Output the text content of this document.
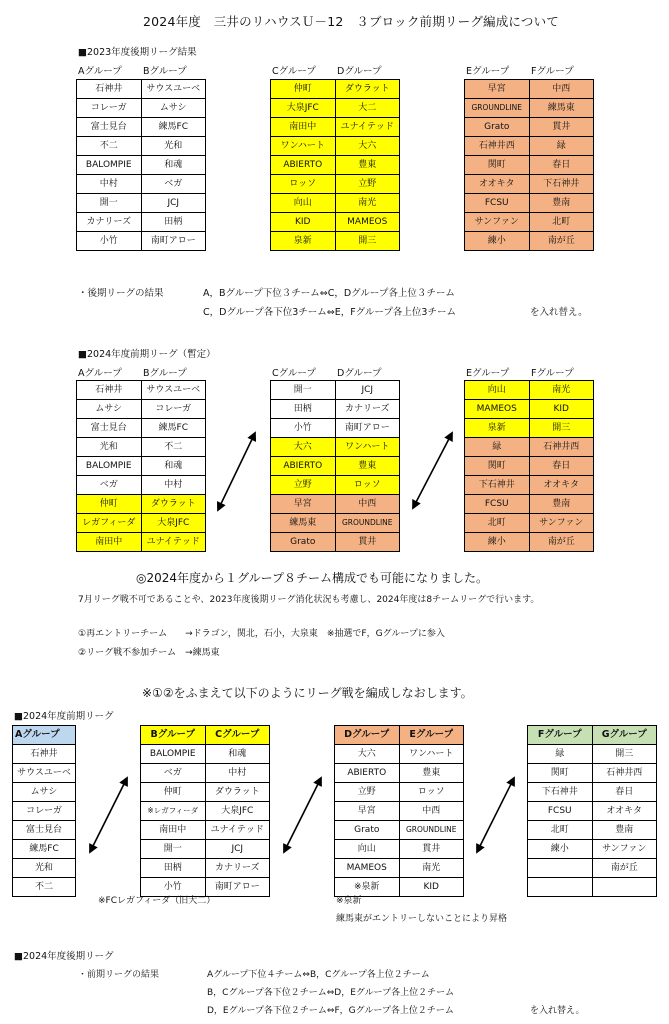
2024年度　三井のリハウスＵ－12　３ブロック前期リーグ編成について
■2023年度後期リーグ結果
Aグループ Bグループ	Cグループ Dグループ	Eグループ Fグループ
石神井	サウスユーベ
コレーガ	ムサシ
富士見台	練馬FC
不二	光和
BALOMPIE	和魂
中村	ベガ
開一	JCJ
カナリーズ	田柄
小竹	南町アロー
仲町	ダウラット
大泉JFC	大二
南田中	ユナイテッド
ワンハート	大六
ABIERTO	豊東
ロッソ	立野
向山	南光
KID	MAMEOS
泉新	開三
早宮	中西
GROUNDLINE	練馬東
Grato	貫井
石神井西	緑
関町	春日
オオキタ	下石神井
FCSU	豊南
サンファン	北町
練小	南が丘
・後期リーグの結果	A，Bグループ下位３チーム⇔C，Dグループ各上位３チーム
C，Dグループ各下位3チーム⇔E，Fグループ各上位3チーム	を入れ替え。
■2024年度前期リーグ（暫定）
Aグループ Bグループ	Cグループ Dグループ	Eグループ Fグループ
石神井	サウスユーベ
ムサシ	コレーガ
富士見台	練馬FC
光和	不二
BALOMPIE	和魂
ベガ	中村
仲町	ダウラット
レガフィーダ	大泉JFC
南田中	ユナイテッド
開一	JCJ
田柄	カナリーズ
小竹	南町アロー
大六	ワンハート
ABIERTO	豊東
立野	ロッソ
早宮	中西
練馬東	GROUNDLINE
Grato	貫井
向山	南光
MAMEOS	KID
泉新	開三
緑	石神井西
関町	春日
下石神井	オオキタ
FCSU	豊南
北町	サンファン
練小	南が丘
◎2024年度から１グループ８チーム構成でも可能になりました。
7月リーグ戦不可であることや、2023年度後期リーグ消化状況も考慮し、2024年度は8チームリーグで行います。
①再エントリーチーム　　→ドラゴン，関北，石小，大泉東　※抽選でF，Gグループに参入
②リーグ戦不参加チーム　→練馬東
※①②をふまえて以下のようにリーグ戦を編成しなおします。
■2024年度前期リーグ
Aグループ
石神井
サウスユーベ
ムサシ
コレーガ
富士見台
練馬FC
光和
不二
Bグループ	Cグループ
BALOMPIE	和魂
ベガ	中村
仲町	ダウラット
※レガフィーダ	大泉JFC
南田中	ユナイテッド
開一	JCJ
田柄	カナリーズ
小竹	南町アロー
Dグループ	Eグループ
大六	ワンハート
ABIERTO	豊東
立野	ロッソ
早宮	中西
Grato	GROUNDLINE
向山	貫井
MAMEOS	南光
※泉新	KID
Fグループ	Gグループ
緑	開三
関町	石神井西
下石神井	春日
FCSU	オオキタ
北町	豊南
練小	サンファン
	南が丘

※FCレガフィーダ（旧大二）	※泉新
練馬東がエントリーしないことにより昇格
■2024年度後期リーグ
・前期リーグの結果	Aグループ下位４チーム⇔B，Cグループ各上位２チーム
B，Cグループ各下位２チーム⇔D，Eグループ各上位２チーム
D，Eグループ各下位２チーム⇔F，Gグループ各上位２チーム	を入れ替え。
